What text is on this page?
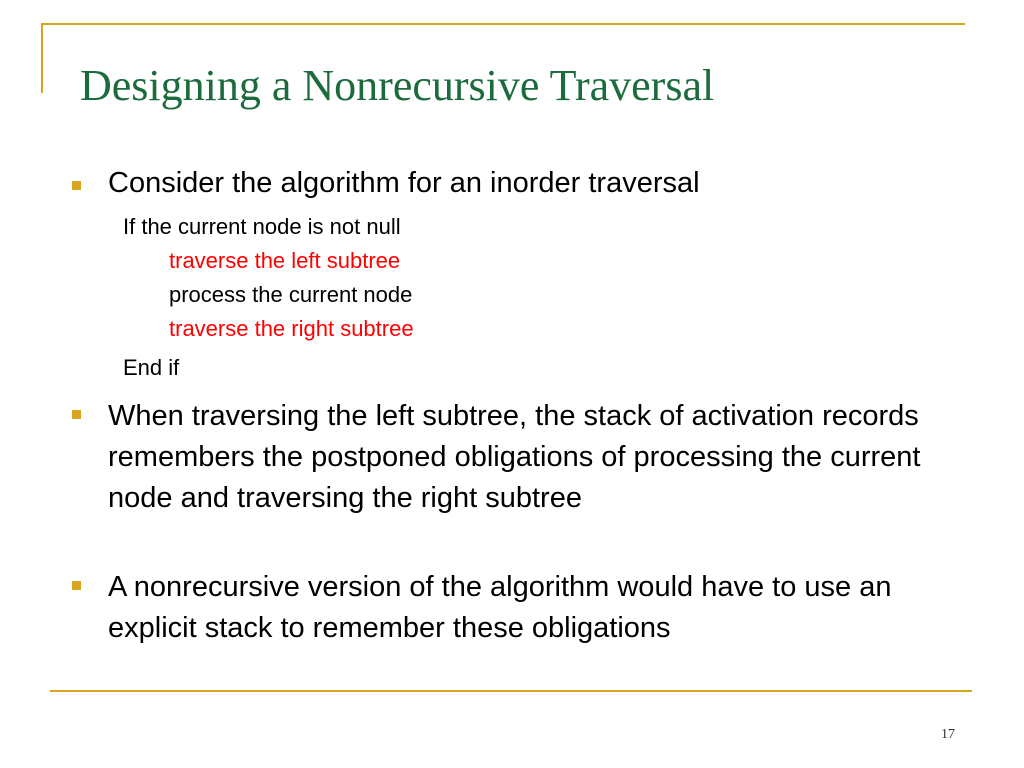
Designing a Nonrecursive Traversal

Consider the algorithm for an inorder traversal

If the current node is not null
traverse the left subtree
process the current node
traverse the right subtree
End if

When traversing the left subtree, the stack of activation records remembers the postponed obligations of processing the current node and traversing the right subtree

A nonrecursive version of the algorithm would have to use an explicit stack to remember these obligations

17
